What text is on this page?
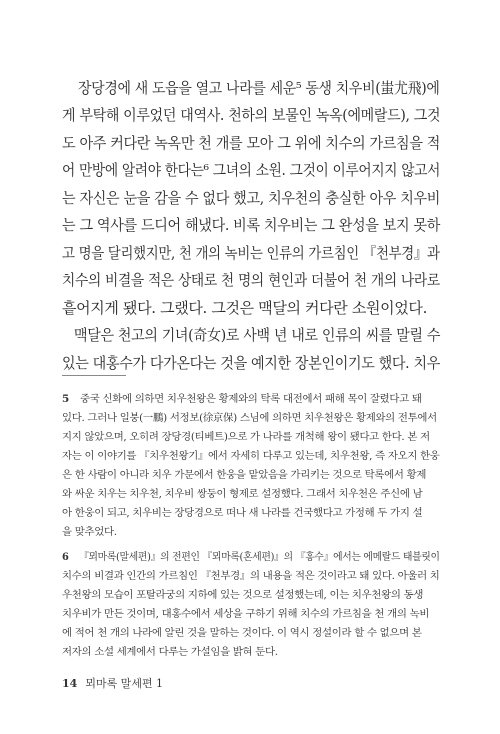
장당경에 새 도읍을 열고 나라를 세운⁵ 동생 치우비(蚩尤飛)에
게 부탁해 이루었던 대역사. 천하의 보물인 녹옥(에메랄드), 그것
도 아주 커다란 녹옥만 천 개를 모아 그 위에 치수의 가르침을 적
어 만방에 알려야 한다는⁶ 그녀의 소원. 그것이 이루어지지 않고서
는 자신은 눈을 감을 수 없다 했고, 치우천의 충실한 아우 치우비
는 그 역사를 드디어 해냈다. 비록 치우비는 그 완성을 보지 못하
고 명을 달리했지만, 천 개의 녹비는 인류의 가르침인 『천부경』과
치수의 비결을 적은 상태로 천 명의 현인과 더불어 천 개의 나라로
흩어지게 됐다. 그랬다. 그것은 맥달의 커다란 소원이었다.
맥달은 천고의 기녀(奇女)로 사백 년 내로 인류의 씨를 말릴 수
있는 대홍수가 다가온다는 것을 예지한 장본인이기도 했다. 치우
5 중국 신화에 의하면 치우천왕은 황제와의 탁록 대전에서 패해 목이 잘렸다고 돼
있다. 그러나 일붕(一鵬) 서정보(徐京保) 스님에 의하면 치우천왕은 황제와의 전투에서
지지 않았으며, 오히려 장당경(티베트)으로 가 나라를 개척해 왕이 됐다고 한다. 본 저
자는 이 이야기를 『치우천왕기』에서 자세히 다루고 있는데, 치우천왕, 즉 자오지 한웅
은 한 사람이 아니라 치우 가문에서 한웅을 맡았음을 가리키는 것으로 탁록에서 황제
와 싸운 치우는 치우천, 치우비 쌍둥이 형제로 설정했다. 그래서 치우천은 주신에 남
아 한웅이 되고, 치우비는 장당경으로 떠나 새 나라를 건국했다고 가정해 두 가지 설
을 맞추었다.
6 『뫼마록(말세편)』의 전편인 『뫼마록(혼세편)』의 『홍수』에서는 에메랄드 태블릿이
치수의 비결과 인간의 가르침인 『천부경』의 내용을 적은 것이라고 돼 있다. 아울러 치
우천왕의 모습이 포탈라궁의 지하에 있는 것으로 설정했는데, 이는 치우천왕의 동생
치우비가 만든 것이며, 대홍수에서 세상을 구하기 위해 치수의 가르침을 천 개의 녹비
에 적어 천 개의 나라에 알린 것을 말하는 것이다. 이 역시 정설이라 할 수 없으며 본
저자의 소설 세계에서 다루는 가설임을 밝혀 둔다.
14 뫼마록 말세편 1
